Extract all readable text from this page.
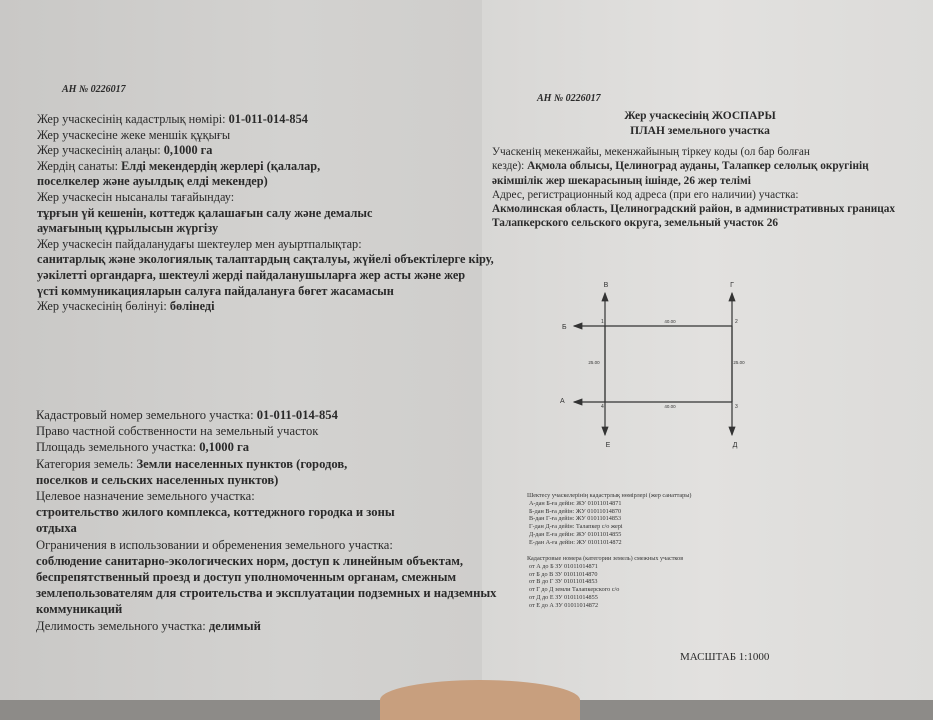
АН № 0226017
Жер учаскесінің кадастрлық нөмірі: 01-011-014-854
Жер учаскесіне жеке меншік құқығы
Жер учаскесінің алаңы: 0,1000 га
Жердің санаты: Елді мекендердің жерлері (қалалар,
поселкелер және ауылдық елді мекендер)
Жер учаскесін нысаналы тағайындау:
тұрғын үй кешенін, коттедж қалашағын салу және демалыс
аумағының құрылысын жүргізу
Жер учаскесін пайдаланудағы шектеулер мен ауыртпалықтар:
санитарлық және экологиялық талаптардың сақталуы, жүйелі объектілерге кіру,
уәкілетті органдарға, шектеулі жерді пайдаланушыларға жер асты және жер
үсті коммуникацияларын салуға пайдалануға бөгет жасамасын
Жер учаскесінің бөлінуі: бөлінеді
Кадастровый номер земельного участка: 01-011-014-854
Право частной собственности на земельный участок
Площадь земельного участка: 0,1000 га
Категория земель: Земли населенных пунктов (городов,
поселков и сельских населенных пунктов)
Целевое назначение земельного участка:
строительство жилого комплекса, коттеджного городка и зоны
отдыха
Ограничения в использовании и обременения земельного участка:
соблюдение санитарно-экологических норм, доступ к линейным объектам,
беспрепятственный проезд и доступ уполномоченным органам, смежным
землепользователям для строительства и эксплуатации подземных и надземных
коммуникаций
Делимость земельного участка: делимый
АН № 0226017
Жер учаскесінің ЖОСПАРЫ
ПЛАН земельного участка
Учаскенің мекенжайы, мекенжайының тіркеу коды (ол бар болған
кезде): Ақмола облысы, Целиноград ауданы, Талапкер селолық округінің
әкімшілік жер шекарасының ішінде, 26 жер телімі
Адрес, регистрационный код адреса (при его наличии) участка:
Акмолинская область, Целиноградский район, в административных границах
Талапкерского сельского округа, земельный участок 26
В	Г
Б
А
Е	Д
1	2
3
4
40.00
40.00
25.00	25.00
Шектесу учаскелерінің кадастрлық нөмірлері (жер санаттары)
А-дан Б-ға дейін: ЖУ 01011014871
Б-дан В-ға дейін: ЖУ 01011014870
В-дан Г-ға дейін: ЖУ 01011014853
Г-дан Д-ға дейін: Талапкер с/о жері
Д-дан Е-ға дейін: ЖУ 01011014855
Е-дан А-ға дейін: ЖУ 01011014872
Кадастровые номера (категории земель) смежных участков
от А до Б ЗУ 01011014871
от Б до В ЗУ 01011014870
от В до Г ЗУ 01011014853
от Г до Д земли Талапкерского с/о
от Д до Е ЗУ 01011014855
от Е до А ЗУ 01011014872
МАСШТАБ 1:1000
